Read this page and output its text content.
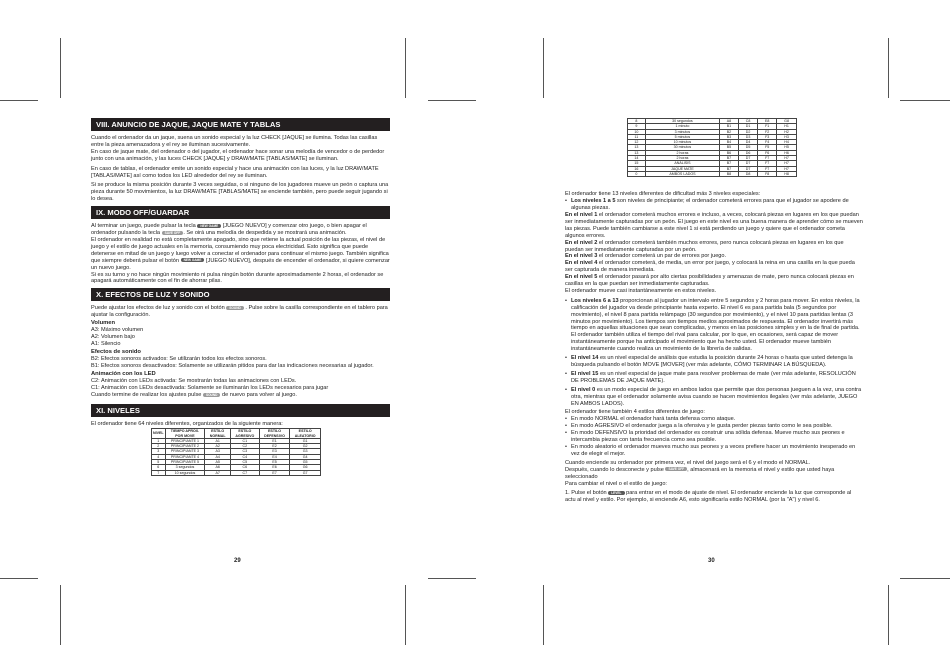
VIII. ANUNCIO DE JAQUE, JAQUE MATE Y TABLAS
Cuando el ordenador da un jaque, suena un sonido especial y la luz CHECK [JAQUE] se ilumina. Todas las casillas entre la pieza amenazadora y el rey se iluminan sucesivamente.
En caso de jaque mate, del ordenador o del jugador, el ordenador hace sonar una melodía de vencedor o de perdedor junto con una animación, y las luces CHECK [JAQUE] y DRAW/MATE [TABLAS/MATE] se iluminan.
En caso de tablas, el ordenador emite un sonido especial y hace una animación con las luces, y la luz DRAW/MATE [TABLAS/MATE] así como todos los LED alrededor del rey se iluminan.
Si se produce la misma posición durante 3 veces seguidas, o si ninguno de los jugadores mueve un peón o captura una pieza durante 50 movimientos, la luz DRAW/MATE [TABLAS/MATE] se enciende también, pero puede seguir jugando si lo desea.
IX. MODO OFF/GUARDAR
Al terminar un juego, puede pulsar la tecla NEW GAME [JUEGO NUEVO] y comenzar otro juego, o bien apagar el ordenador pulsando la tecla SAVE OFF . Se oirá una melodía de despedida y se mostrará una animación.
El ordenador en realidad no está completamente apagado, sino que retiene la actual posición de las piezas, el nivel de juego y el estilo de juego actuales en la memoria, consumiendo muy poca electricidad. Esto significa que puede detenerse en mitad de un juego y luego volver a conectar el ordenador para continuar el mismo juego. También significa que siempre deberá pulsar el botón NEW GAME [JUEGO NUEVO], después de encender el ordenador, si quiere comenzar un nuevo juego.
Si es su turno y no hace ningún movimiento ni pulsa ningún botón durante aproximadamente 2 horas, el ordenador se apagará automáticamente con el fin de ahorrar pilas.
X. EFECTOS DE LUZ Y SONIDO
Puede ajustar los efectos de luz y sonido con el botón SOUND . Pulse sobre la casilla correspondiente en el tablero para ajustar la configuración.
Volumen
A3: Máximo volumen
A2: Volumen bajo
A1: Silencio
Efectos de sonido
B2: Efectos sonoros activados: Se utilizarán todos los efectos sonoros.
B1: Efectos sonoros desactivados: Solamente se utilizarán pitidos para dar las indicaciones necesarias al jugador.
Animación con los LED
C2: Animación con LEDs activada: Se mostrarán todas las animaciones con LEDs.
C1: Animación con LEDs desactivada: Solamente se iluminarán los LEDs necesarios para jugar
Cuando termine de realizar los ajustes pulse SOUND de nuevo para volver al juego.
XI. NIVELES
El ordenador tiene 64 niveles diferentes, organizados de la siguiente manera:
NIVEL	TIEMPO APROX. POR MOVE	ESTILO NORMAL	ESTILO AGRESIVO	ESTILO DEFENSIVO	ESTILO ALEATORIO
1	PRINCIPIANTE 1	A1	C1	E1	G1
2	PRINCIPIANTE 2	A2	C2	E2	G2
3	PRINCIPIANTE 3	A3	C3	E3	G3
4	PRINCIPIANTE 4	A4	C4	E4	G4
5	PRINCIPIANTE 5	A5	C5	E5	G5
6	3 segundos	A6	C6	E6	G6
7	10 segundos	A7	C7	E7	G7
29
8	30 segundos	A8	C8	E8	G8
9	1 minuto	B1	D1	F1	H1
10	3 minutos	B2	D2	F2	H2
11	5 minutos	B3	D3	F3	H3
12	10 minutos	B4	D4	F4	H4
13	30 minutos	B5	D5	F5	H5
13	2 horas	B6	D6	F6	H6
14	2 horas	B7	D7	F7	H7
15	ANÁLISIS	B7	D7	F7	H7
16	JAQUE MATE	B7	D7	F7	H7
0	AMBOS LADOS	B8	D8	F8	H8
El ordenador tiene 13 niveles diferentes de dificultad más 3 niveles especiales:
• Los niveles 1 a 5 son niveles de principiante; el ordenador cometerá errores para que el jugador se apodere de algunas piezas.
En el nivel 1 el ordenador cometerá muchos errores e incluso, a veces, colocará piezas en lugares en los que puedan ser inmediatamente capturadas por un peón. El juego en este nivel es una buena manera de aprender cómo se mueven las piezas. Puede también cambiarse a este nivel 1 si está perdiendo un juego y quiere que el ordenador cometa algunos errores.
En el nivel 2 el ordenador cometerá también muchos errores, pero nunca colocará piezas en lugares en los que puedan ser inmediatamente capturadas por un peón.
En el nivel 3 el ordenador cometerá un par de errores por juego.
En el nivel 4 el ordenador cometerá, de media, un error por juego, y colocará la reina en una casilla en la que pueda ser capturada de manera inmediata.
En el nivel 5 el ordenador pasará por alto ciertas posibilidades y amenazas de mate, pero nunca colocará piezas en casillas en la que puedan ser inmediatamente capturadas.
El ordenador mueve casi instantáneamente en estos niveles.
• Los niveles 6 a 13 proporcionan al jugador un intervalo entre 5 segundos y 2 horas para mover. En estos niveles, la calificación del jugador va desde principiante hasta experto. El nivel 6 es para partida bala (5 segundos por movimiento), el nivel 8 para partida relámpago (30 segundos por movimiento), y el nivel 10 para partidas lentas (3 minutos por movimiento). Los tiempos son tiempos medios aproximados de respuesta. El ordenador invertirá más tiempo en aquellas situaciones que sean complicadas, y menos en las posiciones simples y en la de final de partida. El ordenador también utiliza el tiempo del rival para calcular, por lo que, en ocasiones, será capaz de mover instantáneamente porque ha anticipado el movimiento que ha hecho usted. El ordenador mueve también instantáneamente cuando realiza un movimiento de la librería de salidas.
• El nivel 14 es un nivel especial de análisis que estudia la posición durante 24 horas o hasta que usted detenga la búsqueda pulsando el botón MOVE [MOVER] (ver más adelante, CÓMO TERMINAR LA BÚSQUEDA).
• El nivel 15 es un nivel especial de jaque mate para resolver problemas de mate (ver más adelante, RESOLUCIÓN DE PROBLEMAS DE JAQUE MATE).
• El nivel 0 es un modo especial de juego en ambos lados que permite que dos personas jueguen a la vez, una contra otra, mientras que el ordenador solamente avisa cuando se hacen movimientos ilegales (ver más adelante, JUEGO EN AMBOS LADOS).
El ordenador tiene también 4 estilos diferentes de juego:
• En modo NORMAL el ordenador hará tanta defensa como ataque.
• En modo AGRESIVO el ordenador juega a la ofensiva y le gusta perder piezas tanto como le sea posible.
• En modo DEFENSIVO la prioridad del ordenador es construir una sólida defensa. Mueve mucho sus peones e intercambia piezas con tanta frecuencia como sea posible.
• En modo aleatorio el ordenador mueves mucho sus peones y a veces prefiere hacer un movimiento inesperado en vez de elegir el mejor.
Cuando enciende su ordenador por primera vez, el nivel del juego será el 6 y el modo el NORMAL.
Después, cuando lo desconecte y pulse SAVE OFF , almacenará en la memoria el nivel y estilo que usted haya seleccionado
Para cambiar el nivel o el estilo de juego:
1. Pulse el botón LEVEL para entrar en el modo de ajuste de nivel. El ordenador enciende la luz que corresponde al actu al nivel y estilo. Por ejemplo, si enciende A6, esto significaría estilo NORMAL (por la "A") y nivel 6.
30
